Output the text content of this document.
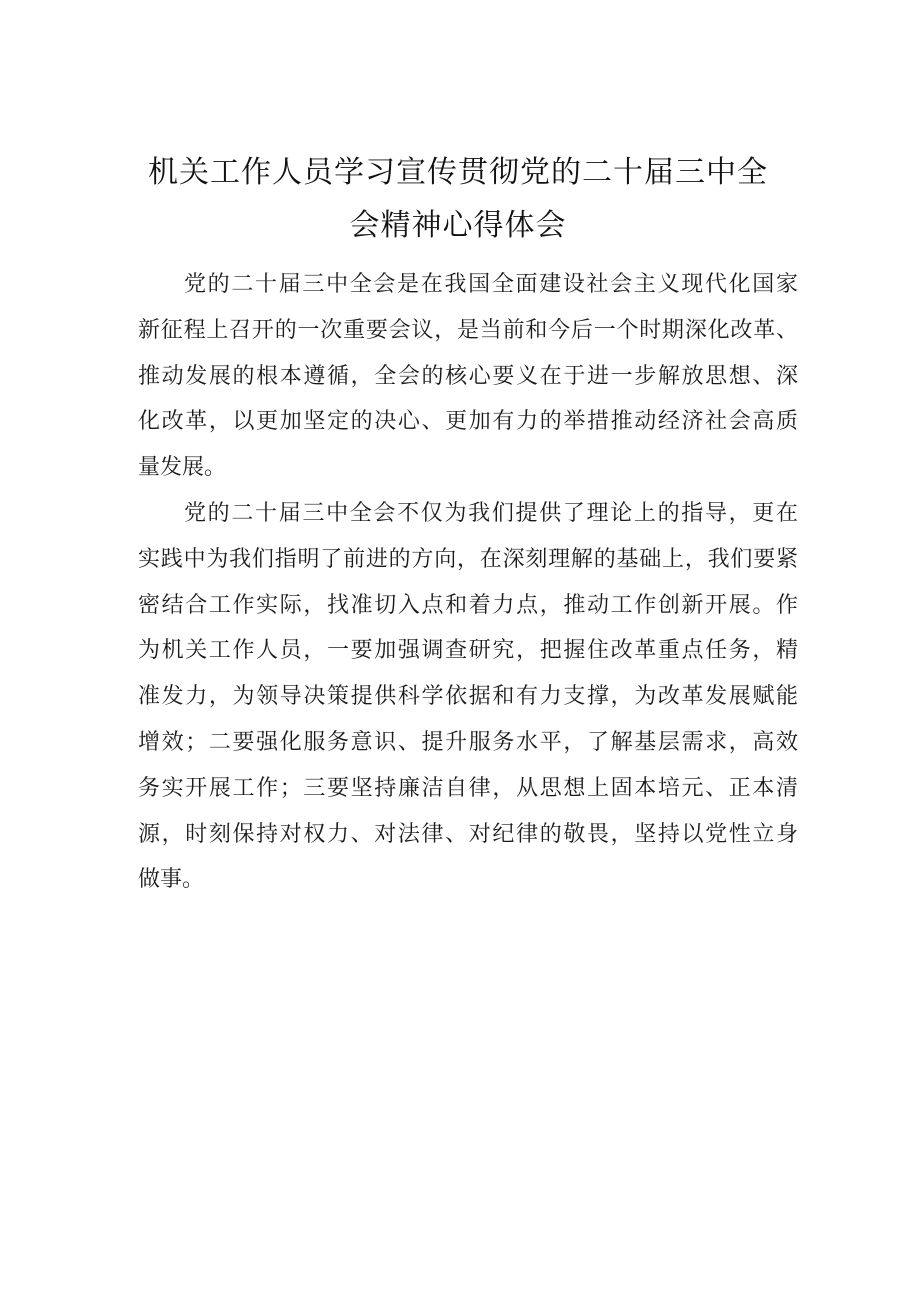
机关工作人员学习宣传贯彻党的二十届三中全
会精神心得体会
党的二十届三中全会是在我国全面建设社会主义现代化国家
新征程上召开的一次重要会议，是当前和今后一个时期深化改革、
推动发展的根本遵循，全会的核心要义在于进一步解放思想、深
化改革，以更加坚定的决心、更加有力的举措推动经济社会高质
量发展。
党的二十届三中全会不仅为我们提供了理论上的指导，更在
实践中为我们指明了前进的方向，在深刻理解的基础上，我们要紧
密结合工作实际，找准切入点和着力点，推动工作创新开展。作
为机关工作人员，一要加强调查研究，把握住改革重点任务，精
准发力，为领导决策提供科学依据和有力支撑，为改革发展赋能
增效；二要强化服务意识、提升服务水平，了解基层需求，高效
务实开展工作；三要坚持廉洁自律，从思想上固本培元、正本清
源，时刻保持对权力、对法律、对纪律的敬畏，坚持以党性立身
做事。
